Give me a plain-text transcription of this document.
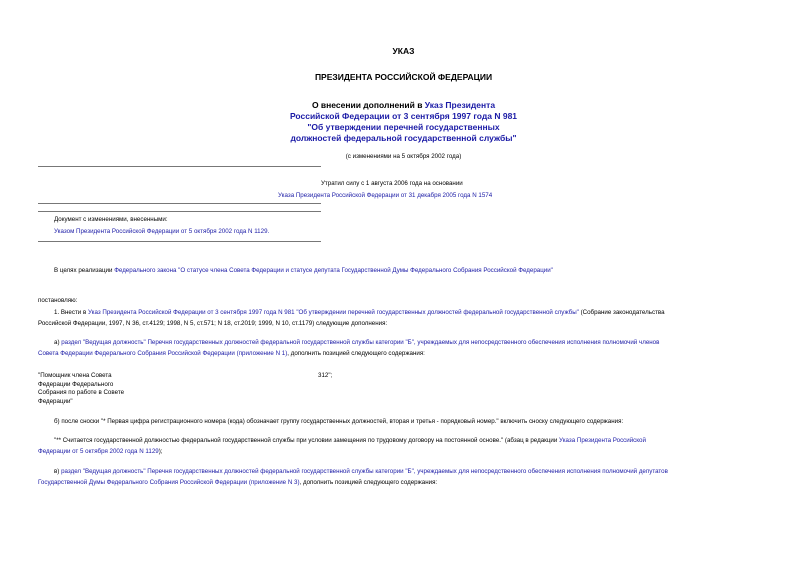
УКАЗ
ПРЕЗИДЕНТА РОССИЙСКОЙ ФЕДЕРАЦИИ
О внесении дополнений в Указ Президента
Российской Федерации от 3 сентября 1997 года N 981
"Об утверждении перечней государственных
должностей федеральной государственной службы"
(с изменениями на 5 октября 2002 года)
Утратил силу с 1 августа 2006 года на основании
Указа Президента Российской Федерации от 31 декабря 2005 года N 1574
Документ с изменениями, внесенными:
Указом Президента Российской Федерации от 5 октября 2002 года N 1129.
В целях реализации Федерального закона "О статусе члена Совета Федерации и статусе депутата Государственной Думы Федерального Собрания Российской Федерации"
постановляю:
1. Внести в Указ Президента Российской Федерации от 3 сентября 1997 года N 981 "Об утверждении перечней государственных должностей федеральной государственной службы" (Собрание законодательства
Российской Федерации, 1997, N 36, ст.4129; 1998, N 5, ст.571; N 18, ст.2019; 1999, N 10, ст.1179) следующие дополнения:
а) раздел "Ведущая должность" Перечня государственных должностей федеральной государственной службы категории "Б", учреждаемых для непосредственного обеспечения исполнения полномочий членов
Совета Федерации Федерального Собрания Российской Федерации (приложение N 1), дополнить позицией следующего содержания:
"Помощник члена Совета
Федерации Федерального
Собрания по работе в Совете
Федерации"
312";
б) после сноски "* Первая цифра регистрационного номера (кода) обозначает группу государственных должностей, вторая и третья - порядковый номер." включить сноску следующего содержания:
"** Считается государственной должностью федеральной государственной службы при условии замещения по трудовому договору на постоянной основе." (абзац в редакции Указа Президента Российской
Федерации от 5 октября 2002 года N 1129);
в) раздел "Ведущая должность" Перечня государственных должностей федеральной государственной службы категории "Б", учреждаемых для непосредственного обеспечения исполнения полномочий депутатов
Государственной Думы Федерального Собрания Российской Федерации (приложение N 3), дополнить позицией следующего содержания:
